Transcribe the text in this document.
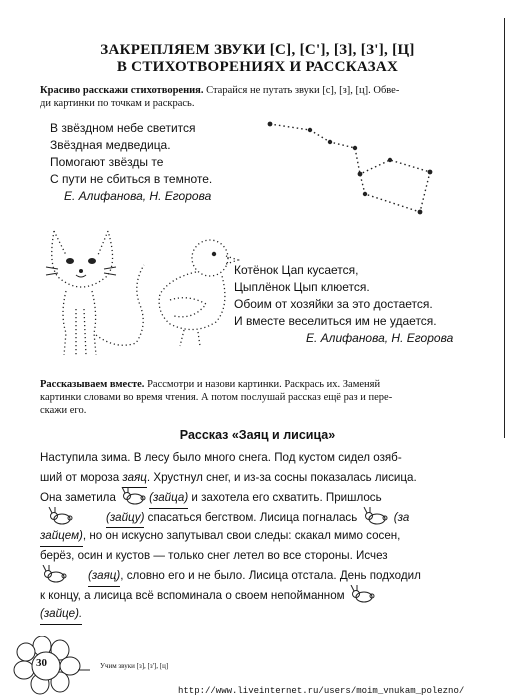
ЗАКРЕПЛЯЕМ ЗВУКИ [С], [С'], [З], [З'], [Ц]
В СТИХОТВОРЕНИЯХ И РАССКАЗАХ
Красиво расскажи стихотворения. Старайся не путать звуки [с], [з], [ц]. Обве-
ди картинки по точкам и раскрась.
В звёздном небе светится
Звёздная медведица.
Помогают звёзды те
С пути не сбиться в темноте.
Е. Алифанова, Н. Егорова
Котёнок Цап кусается,
Цыплёнок Цып клюется.
Обоим от хозяйки за это достается.
И вместе веселиться им не удается.
Е. Алифанова, Н. Егорова
Рассказываем вместе. Рассмотри и назови картинки. Раскрась их. Заменяй
картинки словами во время чтения. А потом послушай рассказ ещё раз и пере-
скажи его.
Рассказ «Заяц и лисица»
Наступила зима. В лесу было много снега. Под кустом сидел озяб-
ший от мороза заяц. Хрустнул снег, и из-за сосны показалась лисица.
Она заметила	(зайца) и захотела его схватить. Пришлось
(зайцу) спасаться бегством. Лисица погналась	(за
зайцем), но он искусно запутывал свои следы: скакал мимо сосен,
берёз, осин и кустов — только снег летел во все стороны. Исчез
(заяц), словно его и не было. Лисица отстала. День подходил
к концу, а лисица всё вспоминала о своем непойманном
(зайце).
30	Учим звуки [з], [з'], [ц]
http://www.liveinternet.ru/users/moim_vnukam_polezno/
